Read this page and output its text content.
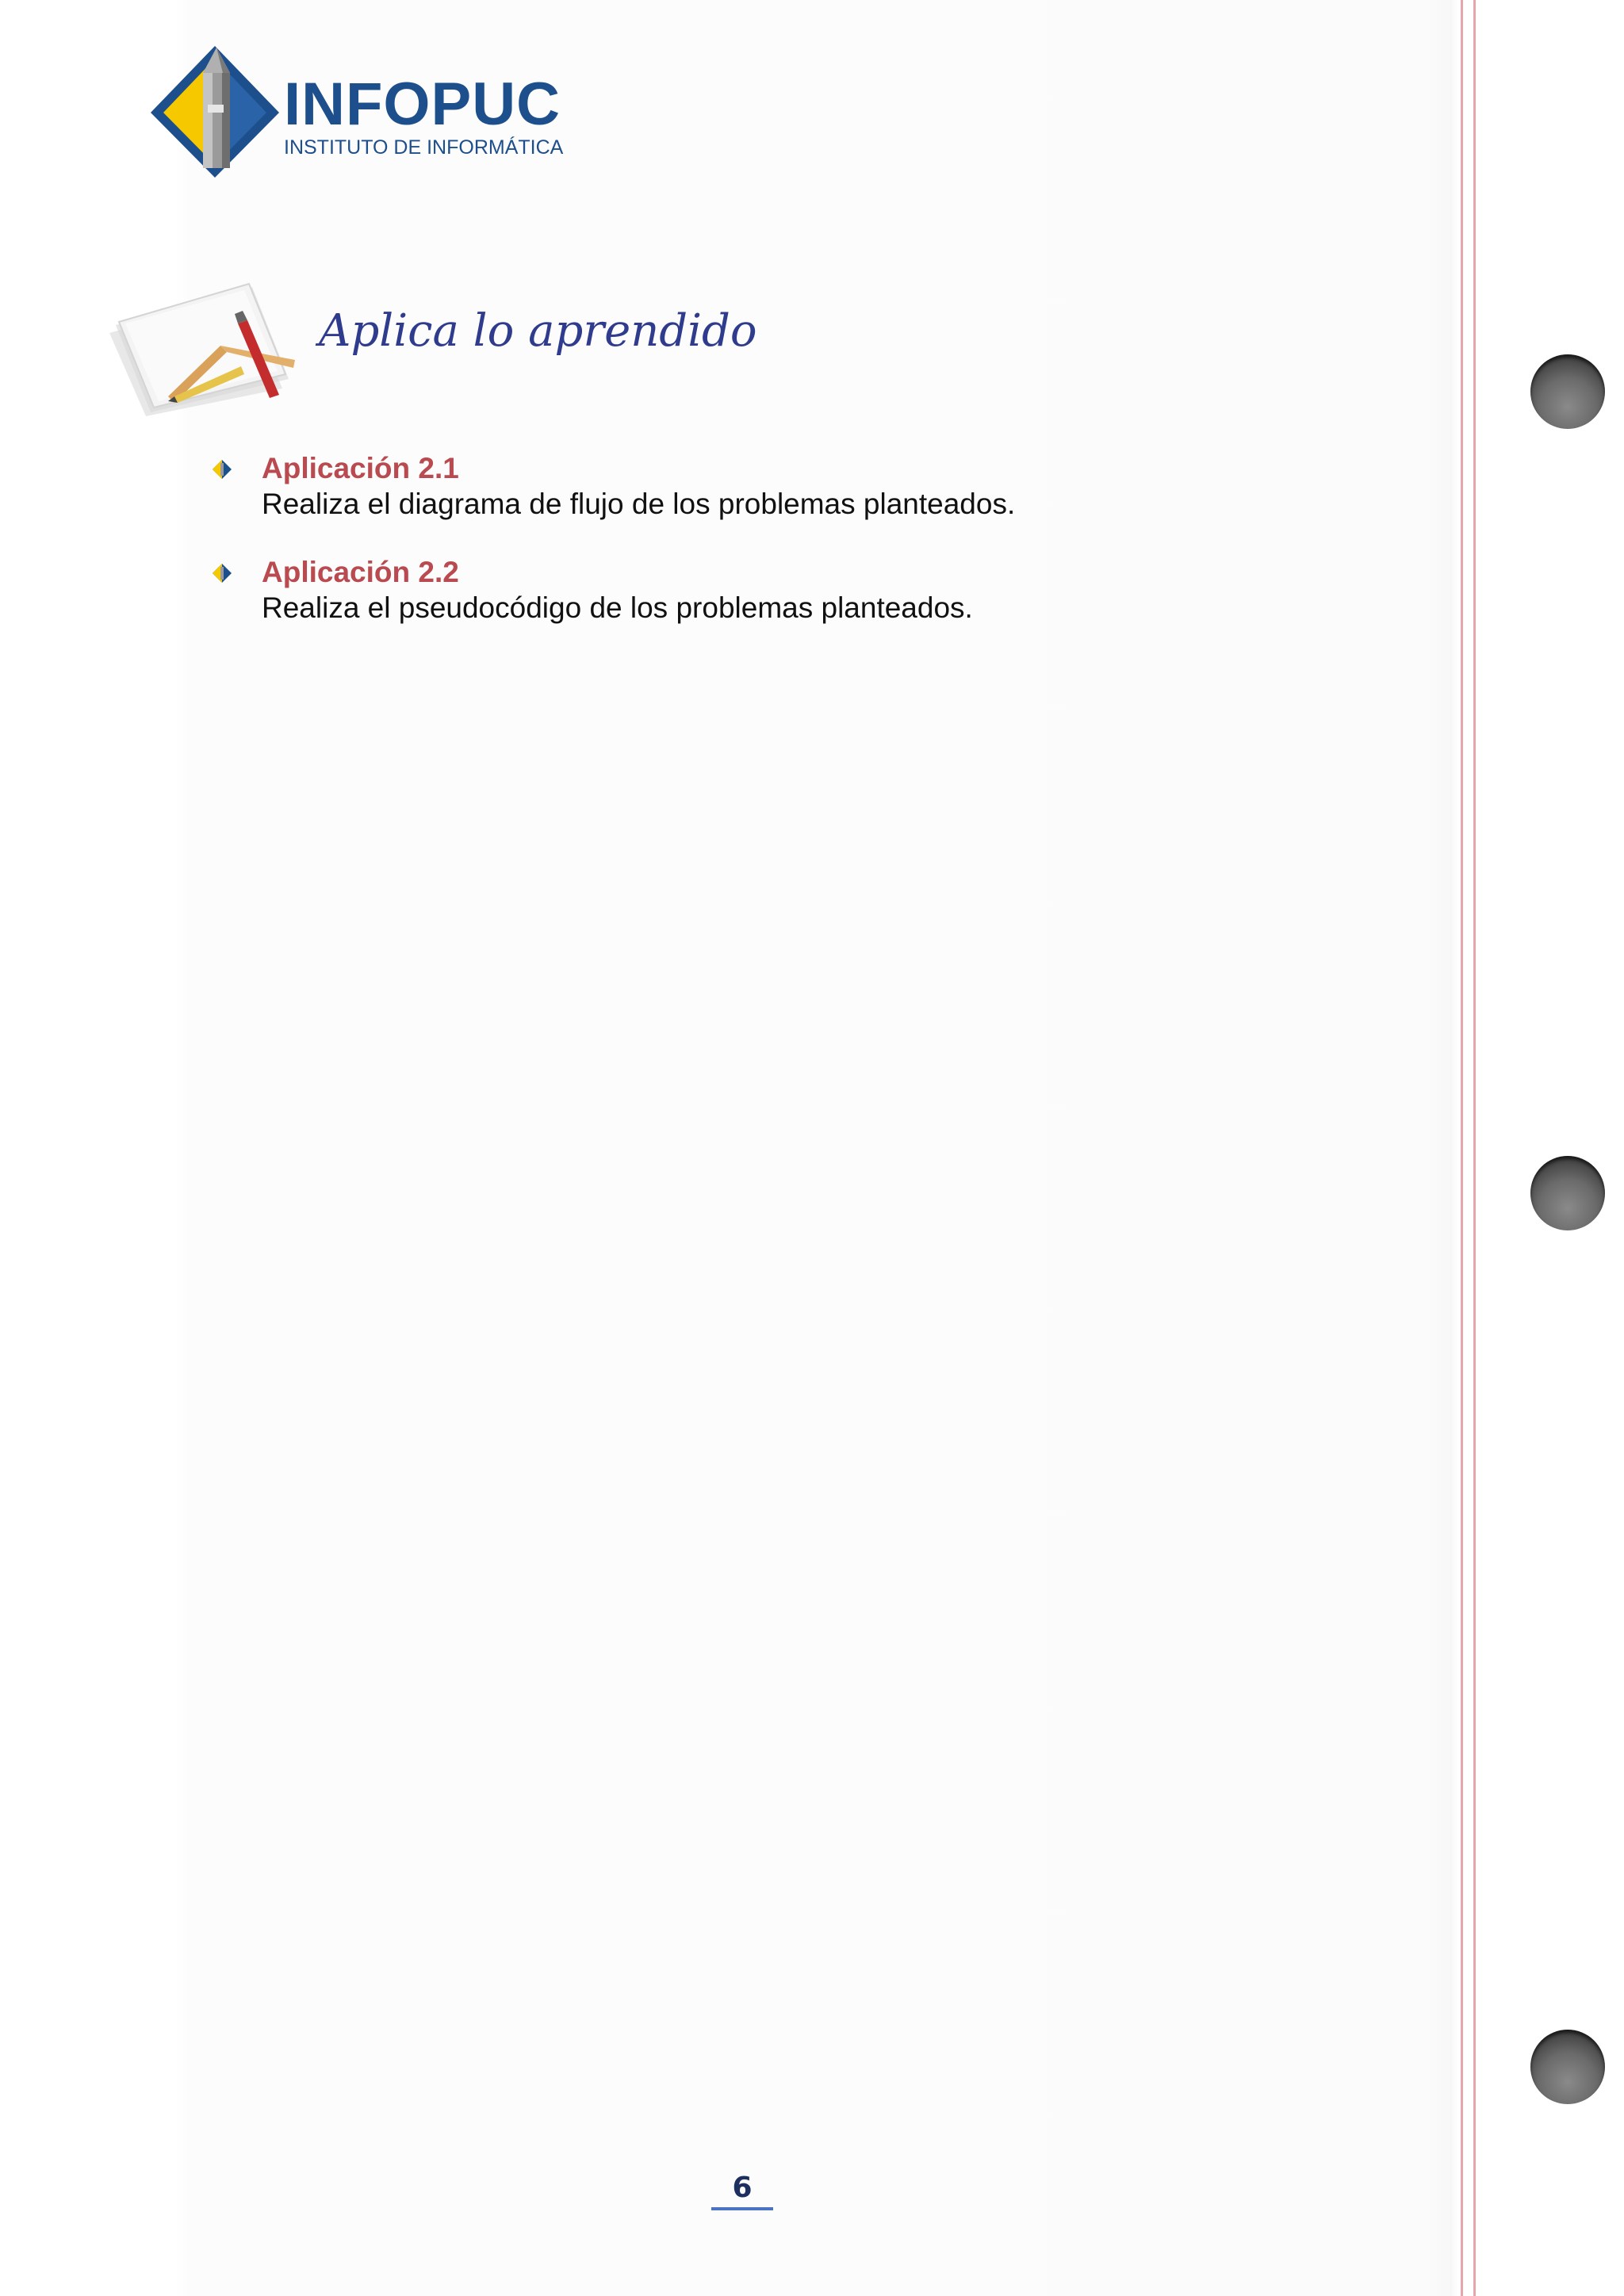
INFOPUC
INSTITUTO DE INFORMÁTICA
Aplica lo aprendido
Aplicación 2.1
Realiza el diagrama de flujo de los problemas planteados.
Aplicación 2.2
Realiza el pseudocódigo de los problemas planteados.
6
